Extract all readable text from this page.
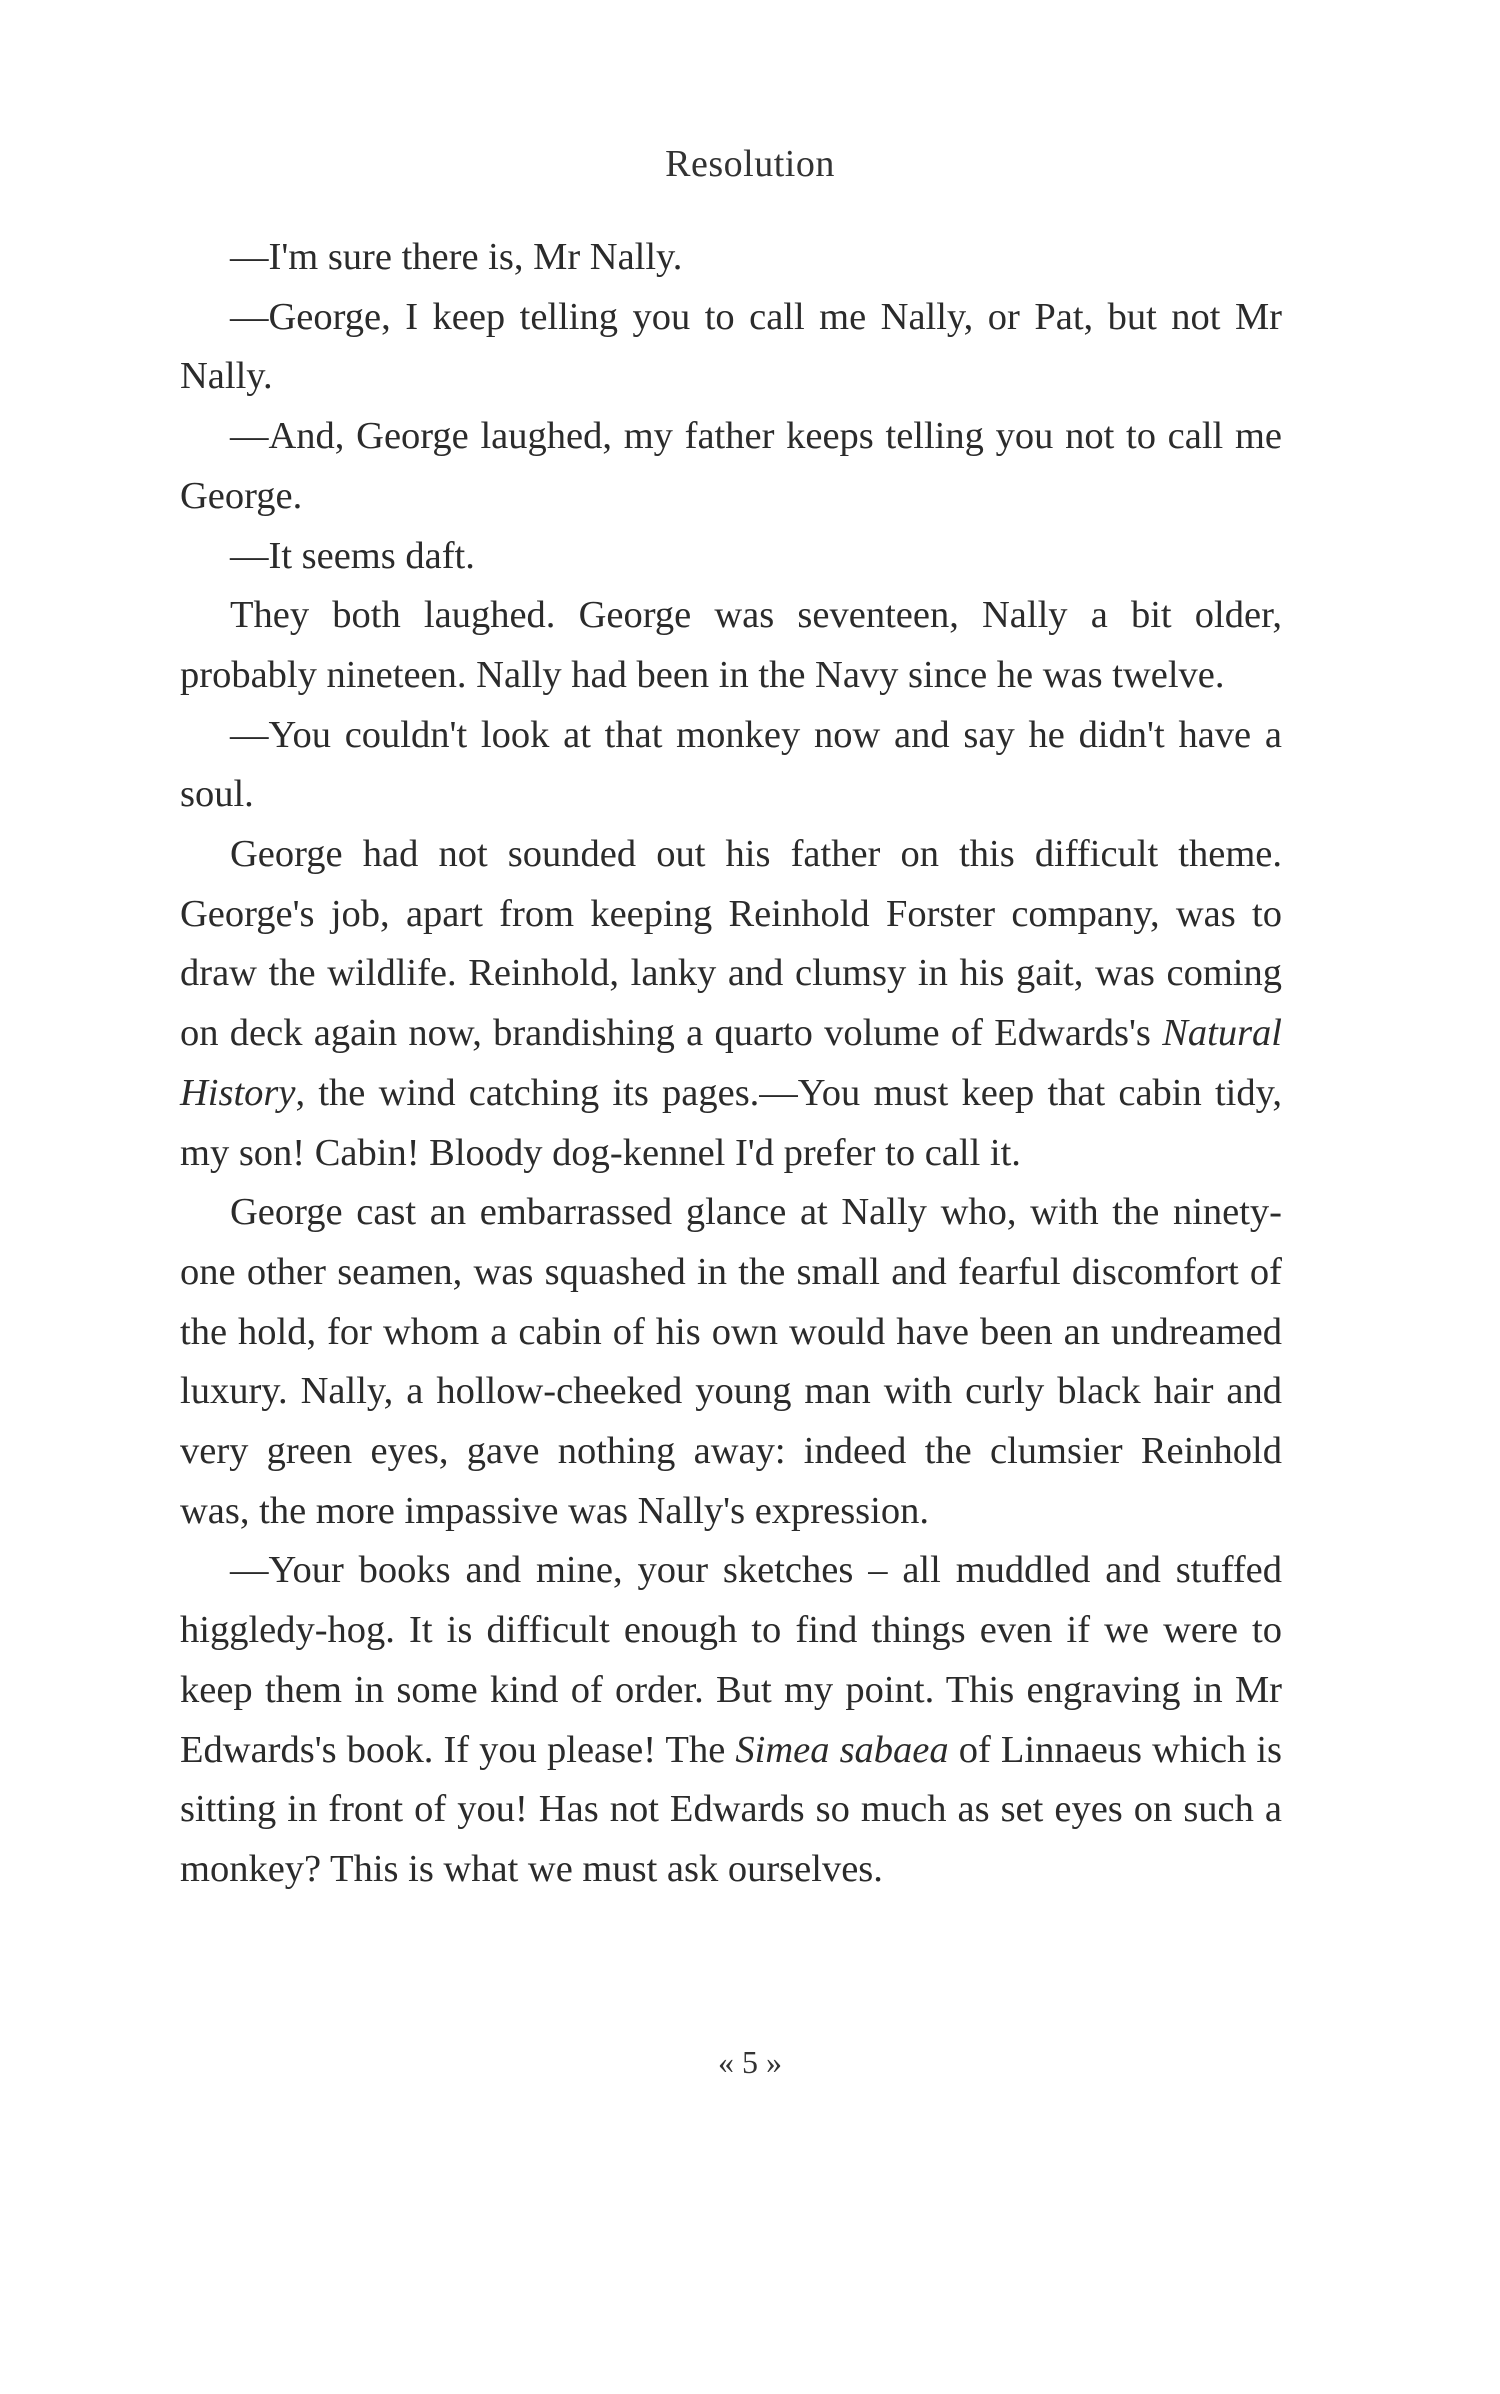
Resolution

—I'm sure there is, Mr Nally.

—George, I keep telling you to call me Nally, or Pat, but not Mr Nally.

—And, George laughed, my father keeps telling you not to call me George.

—It seems daft.

They both laughed. George was seventeen, Nally a bit older, probably nineteen. Nally had been in the Navy since he was twelve.

—You couldn't look at that monkey now and say he didn't have a soul.

George had not sounded out his father on this difficult theme. George's job, apart from keeping Reinhold Forster company, was to draw the wildlife. Reinhold, lanky and clumsy in his gait, was coming on deck again now, brandishing a quarto volume of Edwards's Natural History, the wind catching its pages.—You must keep that cabin tidy, my son! Cabin! Bloody dog-kennel I'd prefer to call it.

George cast an embarrassed glance at Nally who, with the ninety-one other seamen, was squashed in the small and fearful discomfort of the hold, for whom a cabin of his own would have been an undreamed luxury. Nally, a hollow-cheeked young man with curly black hair and very green eyes, gave nothing away: indeed the clumsier Reinhold was, the more impassive was Nally's expression.

—Your books and mine, your sketches – all muddled and stuffed higgledy-hog. It is difficult enough to find things even if we were to keep them in some kind of order. But my point. This engraving in Mr Edwards's book. If you please! The Simea sabaea of Linnaeus which is sitting in front of you! Has not Edwards so much as set eyes on such a monkey? This is what we must ask ourselves.

« 5 »
